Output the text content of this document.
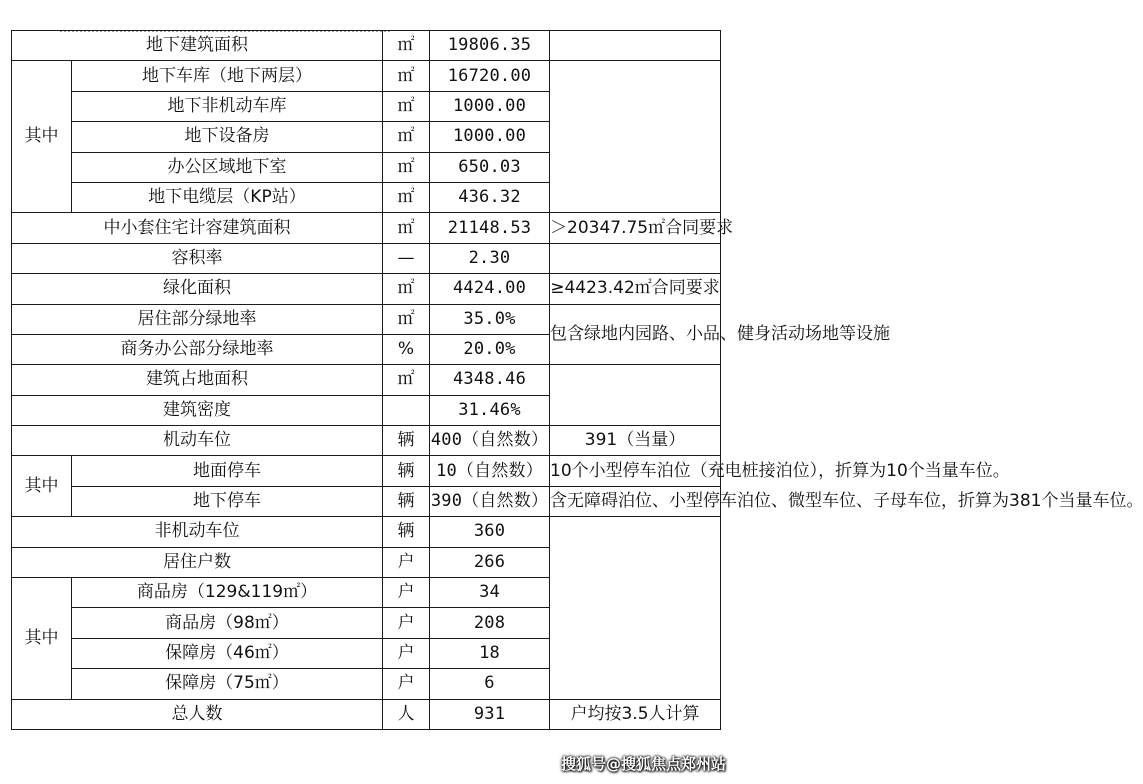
地下建筑面积		㎡	19806.35	
其中	地下车库（地下两层）	㎡	16720.00	
	地下非机动车库	㎡	1000.00	
	地下设备房	㎡	1000.00	
	办公区域地下室	㎡	650.03	
	地下电缆层（KP站）	㎡	436.32	
中小套住宅计容建筑面积		㎡	21148.53	＞20347.75㎡合同要求
容积率		—	2.30	
绿化面积		㎡	4424.00	≥4423.42㎡合同要求
居住部分绿地率		㎡	35.0%	包含绿地内园路、小品、健身活动场地等设施
商务办公部分绿地率		%	20.0%	
建筑占地面积		㎡	4348.46	
建筑密度			31.46%	
机动车位		辆	400（自然数）	391（当量）
其中	地面停车	辆	10（自然数）	10个小型停车泊位（充电桩接泊位），折算为10个当量车位。
	地下停车	辆	390（自然数）	含无障碍泊位、小型停车泊位、微型车位、子母车位，折算为381个当量车位。
非机动车位		辆	360	
居住户数		户	266	
其中	商品房（129&119㎡）	户	34	
	商品房（98㎡）	户	208	
	保障房（46㎡）	户	18	
	保障房（75㎡）	户	6	
总人数		人	931	户均按3.5人计算
搜狐号@搜狐焦点郑州站
